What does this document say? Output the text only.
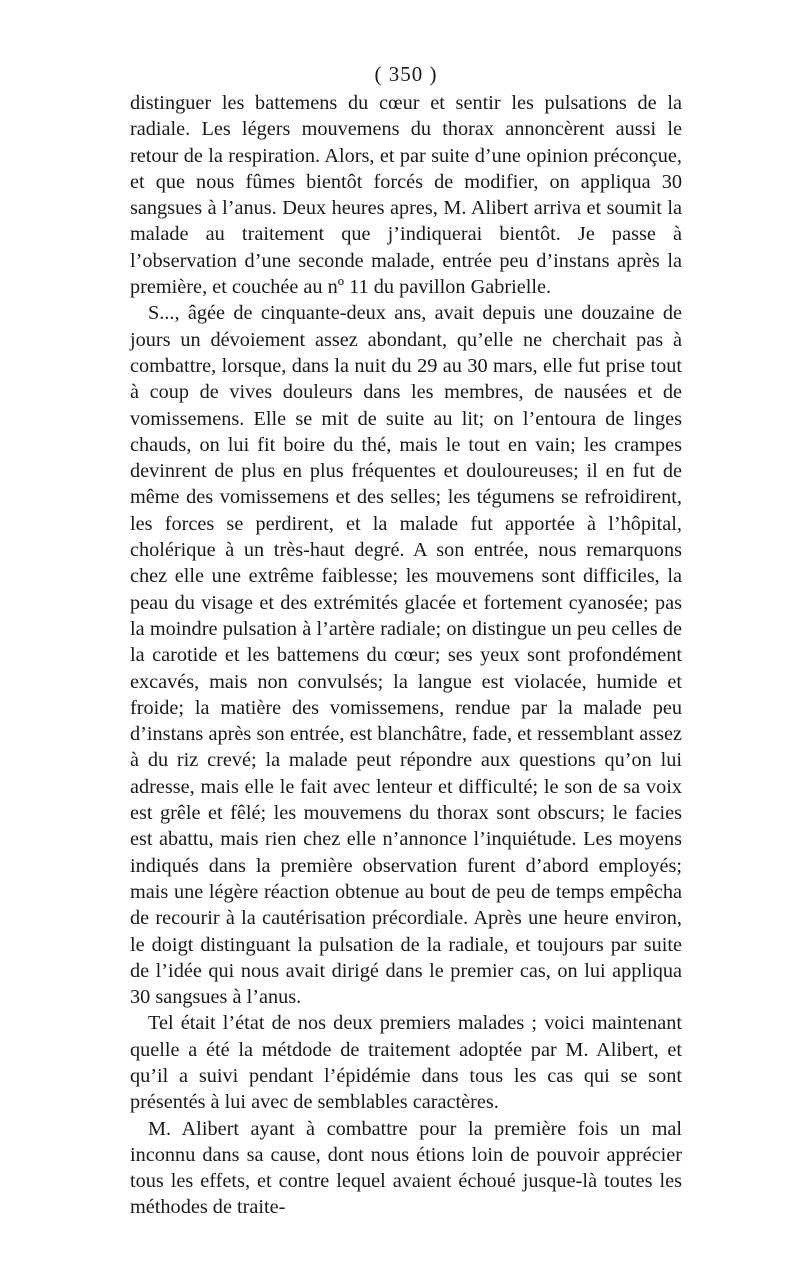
( 350 )

distinguer les battemens du cœur et sentir les pulsations de la radiale. Les légers mouvemens du thorax annoncèrent aussi le retour de la respiration. Alors, et par suite d’une opinion préconçue, et que nous fûmes bientôt forcés de modifier, on appliqua 30 sangsues à l’anus. Deux heures apres, M. Alibert arriva et soumit la malade au traitement que j’indiquerai bientôt. Je passe à l’observation d’une seconde malade, entrée peu d’instans après la première, et couchée au nº 11 du pavillon Gabrielle.

S..., âgée de cinquante-deux ans, avait depuis une douzaine de jours un dévoiement assez abondant, qu’elle ne cherchait pas à combattre, lorsque, dans la nuit du 29 au 30 mars, elle fut prise tout à coup de vives douleurs dans les membres, de nausées et de vomissemens. Elle se mit de suite au lit; on l’entoura de linges chauds, on lui fit boire du thé, mais le tout en vain; les crampes devinrent de plus en plus fréquentes et douloureuses; il en fut de même des vomissemens et des selles; les tégumens se refroidirent, les forces se perdirent, et la malade fut apportée à l’hôpital, cholérique à un très-haut degré. A son entrée, nous remarquons chez elle une extrême faiblesse; les mouvemens sont difficiles, la peau du visage et des extrémités glacée et fortement cyanosée; pas la moindre pulsation à l’artère radiale; on distingue un peu celles de la carotide et les battemens du cœur; ses yeux sont profondément excavés, mais non convulsés; la langue est violacée, humide et froide; la matière des vomissemens, rendue par la malade peu d’instans après son entrée, est blanchâtre, fade, et ressemblant assez à du riz crevé; la malade peut répondre aux questions qu’on lui adresse, mais elle le fait avec lenteur et difficulté; le son de sa voix est grêle et fêlé; les mouvemens du thorax sont obscurs; le facies est abattu, mais rien chez elle n’annonce l’inquiétude. Les moyens indiqués dans la première observation furent d’abord employés; mais une légère réaction obtenue au bout de peu de temps empêcha de recourir à la cautérisation précordiale. Après une heure environ, le doigt distinguant la pulsation de la radiale, et toujours par suite de l’idée qui nous avait dirigé dans le premier cas, on lui appliqua 30 sangsues à l’anus.

Tel était l’état de nos deux premiers malades ; voici maintenant quelle a été la métdode de traitement adoptée par M. Alibert, et qu’il a suivi pendant l’épidémie dans tous les cas qui se sont présentés à lui avec de semblables caractères.

M. Alibert ayant à combattre pour la première fois un mal inconnu dans sa cause, dont nous étions loin de pouvoir apprécier tous les effets, et contre lequel avaient échoué jusque-là toutes les méthodes de traite-
